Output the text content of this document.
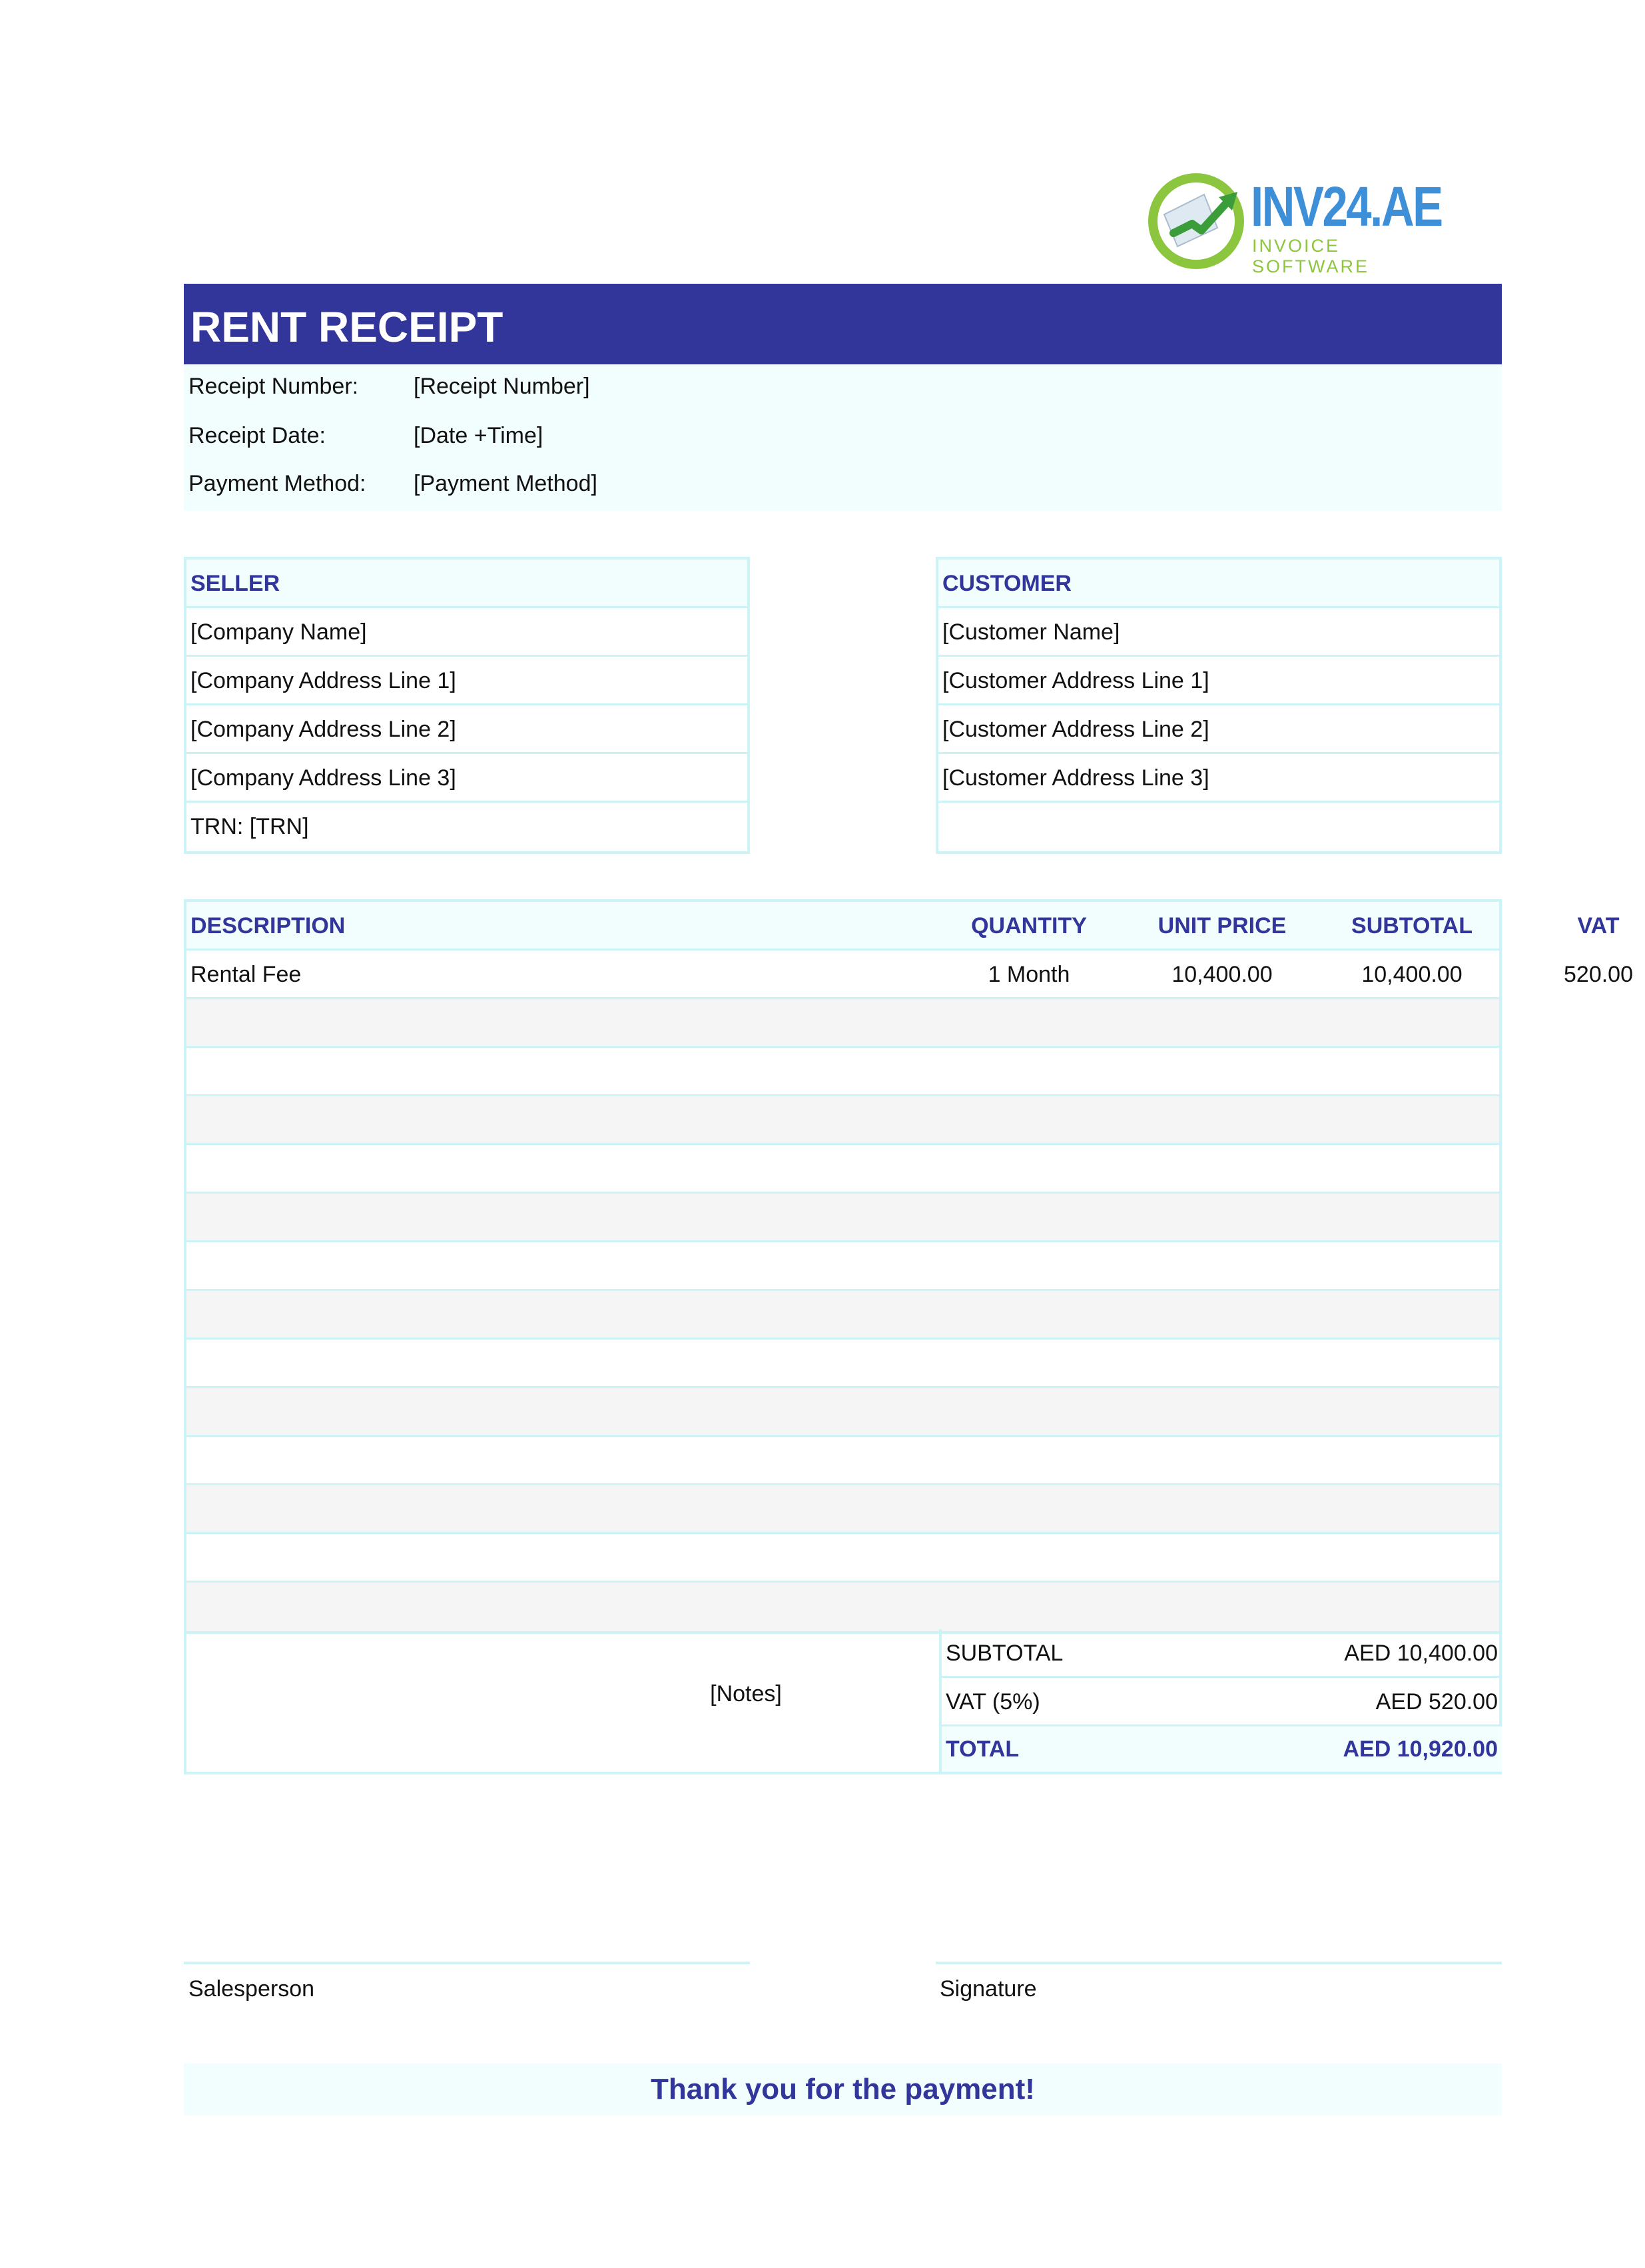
INV24.AE
INVOICE SOFTWARE
RENT RECEIPT
Receipt Number: [Receipt Number]
Receipt Date:	[Date +Time]
Payment Method: [Payment Method]
SELLER
[Company Name]
[Company Address Line 1]
[Company Address Line 2]
[Company Address Line 3]
TRN: [TRN]
CUSTOMER
[Customer Name]
[Customer Address Line 1]
[Customer Address Line 2]
[Customer Address Line 3]
DESCRIPTION	QUANTITY	UNIT PRICE	SUBTOTAL	VAT
Rental Fee	1 Month	10,400.00	10,400.00	520.00
[Notes]
SUBTOTAL	AED 10,400.00
VAT (5%)	AED 520.00
TOTAL	AED 10,920.00
Salesperson	Signature
Thank you for the payment!
